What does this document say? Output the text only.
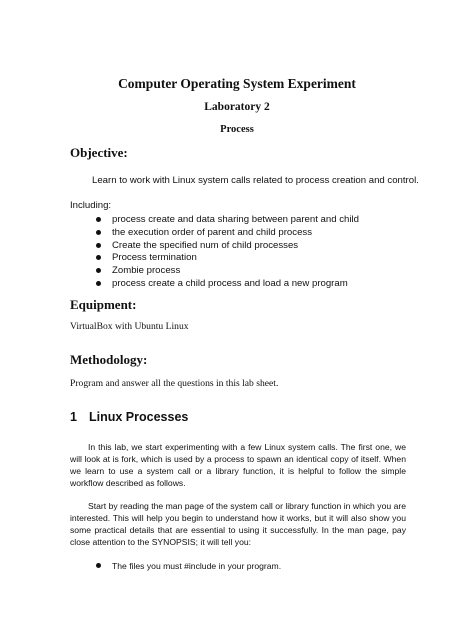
Computer Operating System Experiment
Laboratory 2
Process
Objective:
Learn to work with Linux system calls related to process creation and control.
Including:
process create and data sharing between parent and child
the execution order of parent and child process
Create the specified num of child processes
Process termination
Zombie process
process create a child process and load a new program
Equipment:
VirtualBox with Ubuntu Linux
Methodology:
Program and answer all the questions in this lab sheet.
1 Linux Processes

In this lab, we start experimenting with a few Linux system calls. The first one, we will look at is fork, which is used by a process to spawn an identical copy of itself. When we learn to use a system call or a library function, it is helpful to follow the simple workflow described as follows.

Start by reading the man page of the system call or library function in which you are interested. This will help you begin to understand how it works, but it will also show you some practical details that are essential to using it successfully. In the man page, pay close attention to the SYNOPSIS; it will tell you:

The files you must #include in your program.
